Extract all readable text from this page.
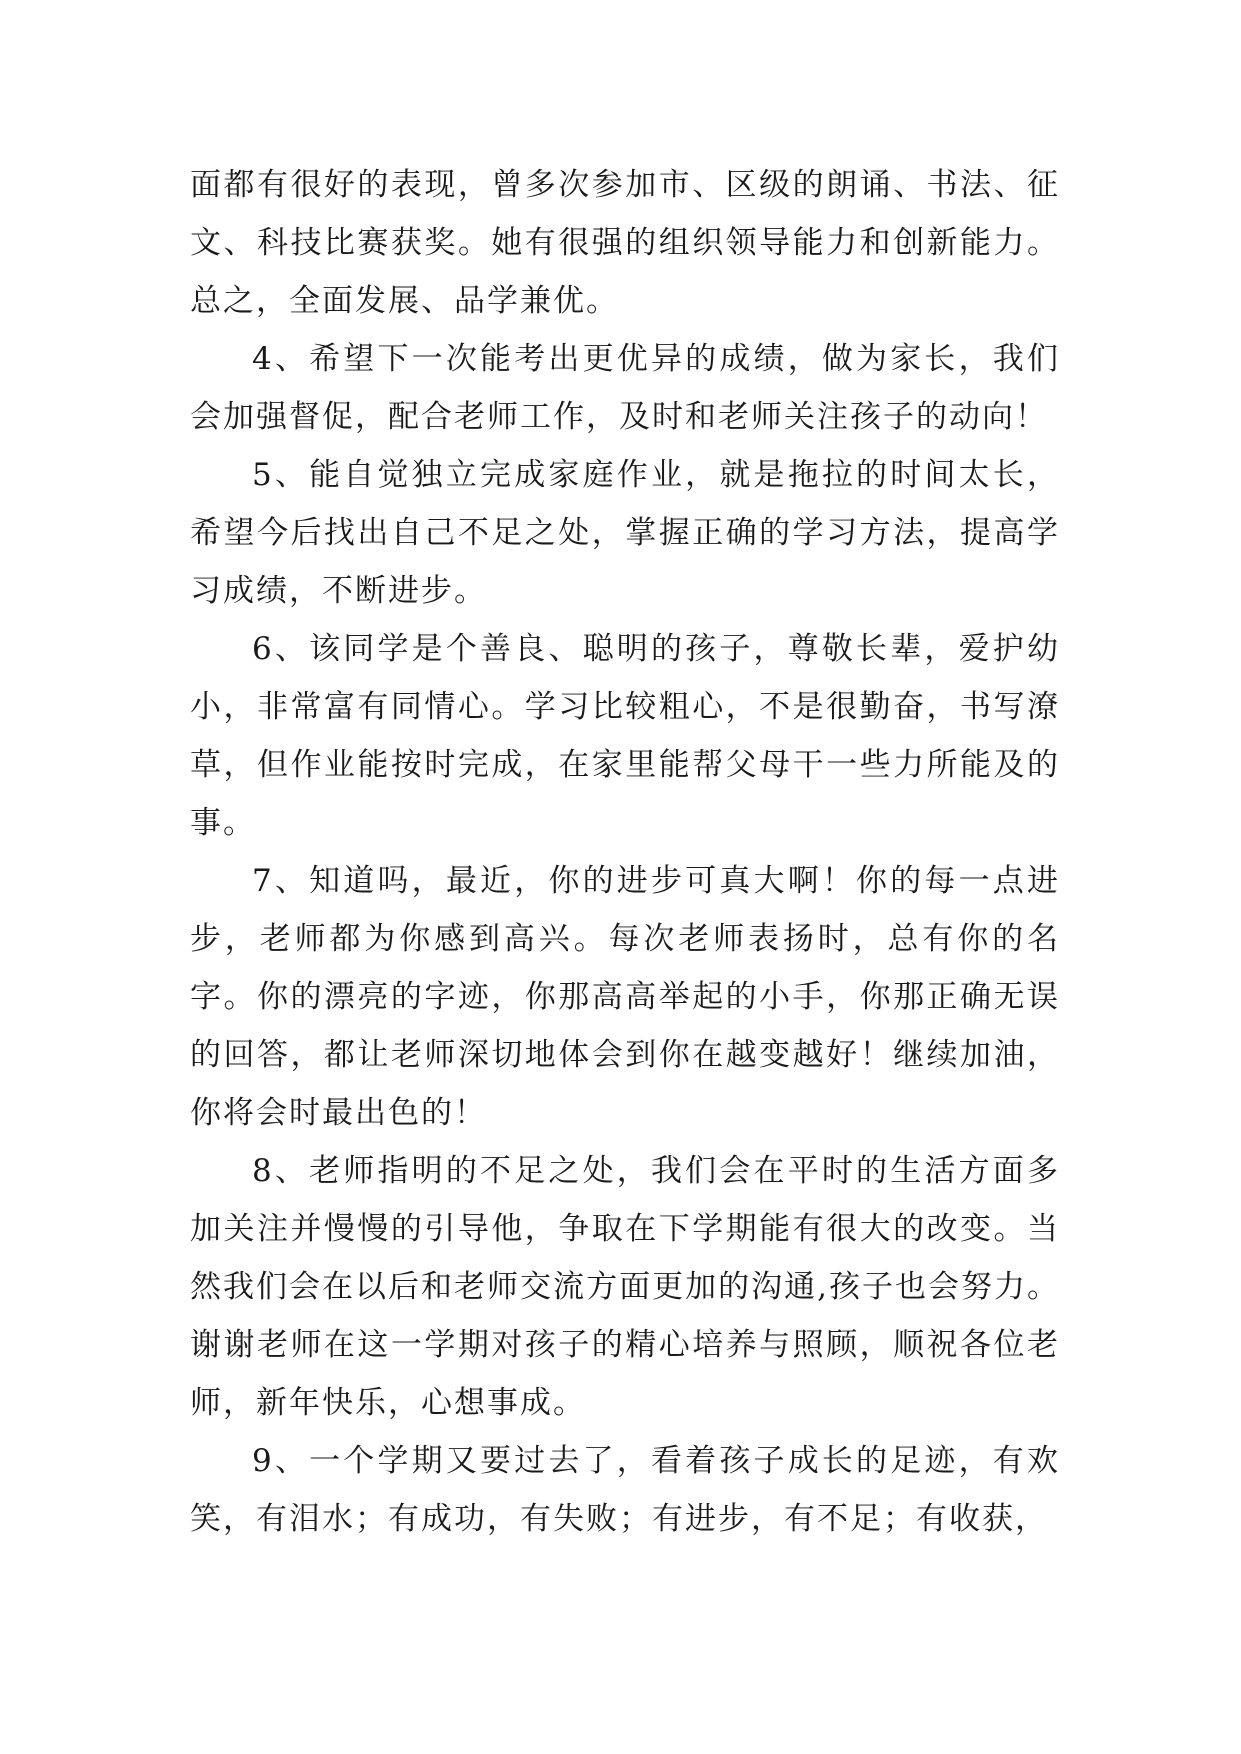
面都有很好的表现，曾多次参加市、区级的朗诵、书法、征文、科技比赛获奖。她有很强的组织领导能力和创新能力。总之，全面发展、品学兼优。

4、希望下一次能考出更优异的成绩，做为家长，我们会加强督促，配合老师工作，及时和老师关注孩子的动向！

5、能自觉独立完成家庭作业，就是拖拉的时间太长，希望今后找出自己不足之处，掌握正确的学习方法，提高学习成绩，不断进步。

6、该同学是个善良、聪明的孩子，尊敬长辈，爱护幼小，非常富有同情心。学习比较粗心，不是很勤奋，书写潦草，但作业能按时完成，在家里能帮父母干一些力所能及的事。

7、知道吗，最近，你的进步可真大啊！你的每一点进步，老师都为你感到高兴。每次老师表扬时，总有你的名字。你的漂亮的字迹，你那高高举起的小手，你那正确无误的回答，都让老师深切地体会到你在越变越好！继续加油，你将会时最出色的！

8、老师指明的不足之处，我们会在平时的生活方面多加关注并慢慢的引导他，争取在下学期能有很大的改变。当然我们会在以后和老师交流方面更加的沟通,孩子也会努力。谢谢老师在这一学期对孩子的精心培养与照顾，顺祝各位老师，新年快乐，心想事成。

9、一个学期又要过去了，看着孩子成长的足迹，有欢笑，有泪水；有成功，有失败；有进步，有不足；有收获，
